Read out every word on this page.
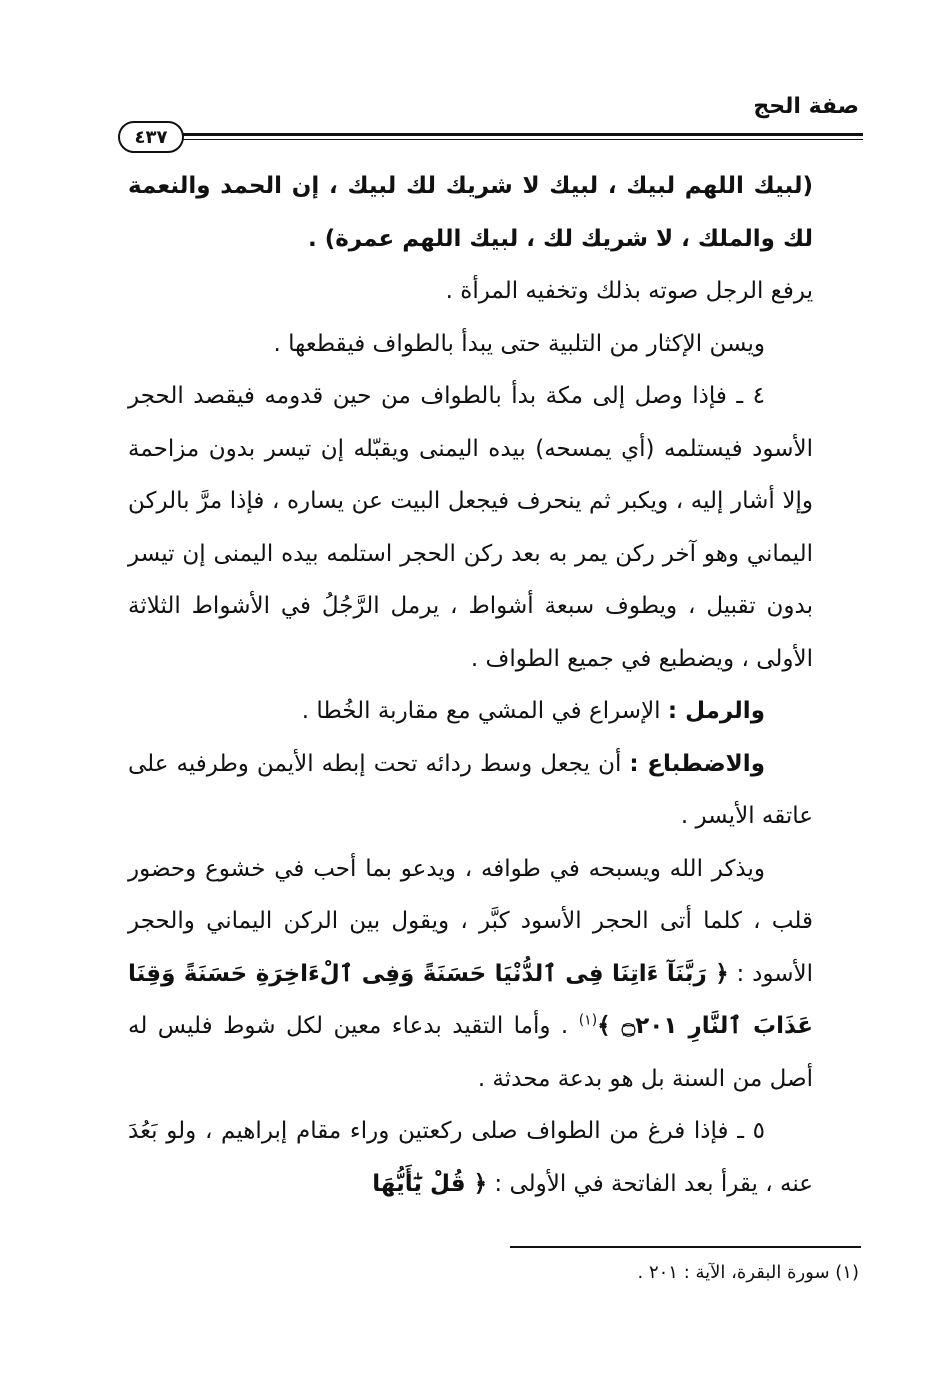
صفة الحج
٤٣٧

(لبيك اللهم لبيك ، لبيك لا شريك لك لبيك ، إن الحمد والنعمة لك والملك ، لا شريك لك ، لبيك اللهم عمرة) .

يرفع الرجل صوته بذلك وتخفيه المرأة .

ويسن الإكثار من التلبية حتى يبدأ بالطواف فيقطعها .

٤ ـ فإذا وصل إلى مكة بدأ بالطواف من حين قدومه فيقصد الحجر الأسود فيستلمه (أي يمسحه) بيده اليمنى ويقبّله إن تيسر بدون مزاحمة وإلا أشار إليه ، ويكبر ثم ينحرف فيجعل البيت عن يساره ، فإذا مرَّ بالركن اليماني وهو آخر ركن يمر به بعد ركن الحجر استلمه بيده اليمنى إن تيسر بدون تقبيل ، ويطوف سبعة أشواط ، يرمل الرَّجُلُ في الأشواط الثلاثة الأولى ، ويضطبع في جميع الطواف .

والرمل : الإسراع في المشي مع مقاربة الخُطا .

والاضطباع : أن يجعل وسط ردائه تحت إبطه الأيمن وطرفيه على عاتقه الأيسر .

ويذكر الله ويسبحه في طوافه ، ويدعو بما أحب في خشوع وحضور قلب ، كلما أتى الحجر الأسود كبَّر ، ويقول بين الركن اليماني والحجر الأسود : ﴿ رَبَّنَآ ءَاتِنَا فِى ٱلدُّنْيَا حَسَنَةً وَفِى ٱلْءَاخِرَةِ حَسَنَةً وَقِنَا عَذَابَ ٱلنَّارِ ۝٢٠١ ﴾$^{(١)}$ . وأما التقيد بدعاء معين لكل شوط فليس له أصل من السنة بل هو بدعة محدثة .

٥ ـ فإذا فرغ من الطواف صلى ركعتين وراء مقام إبراهيم ، ولو بَعُدَ عنه ، يقرأ بعد الفاتحة في الأولى : ﴿ قُلْ يَٰٓأَيُّهَا

(١) سورة البقرة، الآية : ٢٠١ .
